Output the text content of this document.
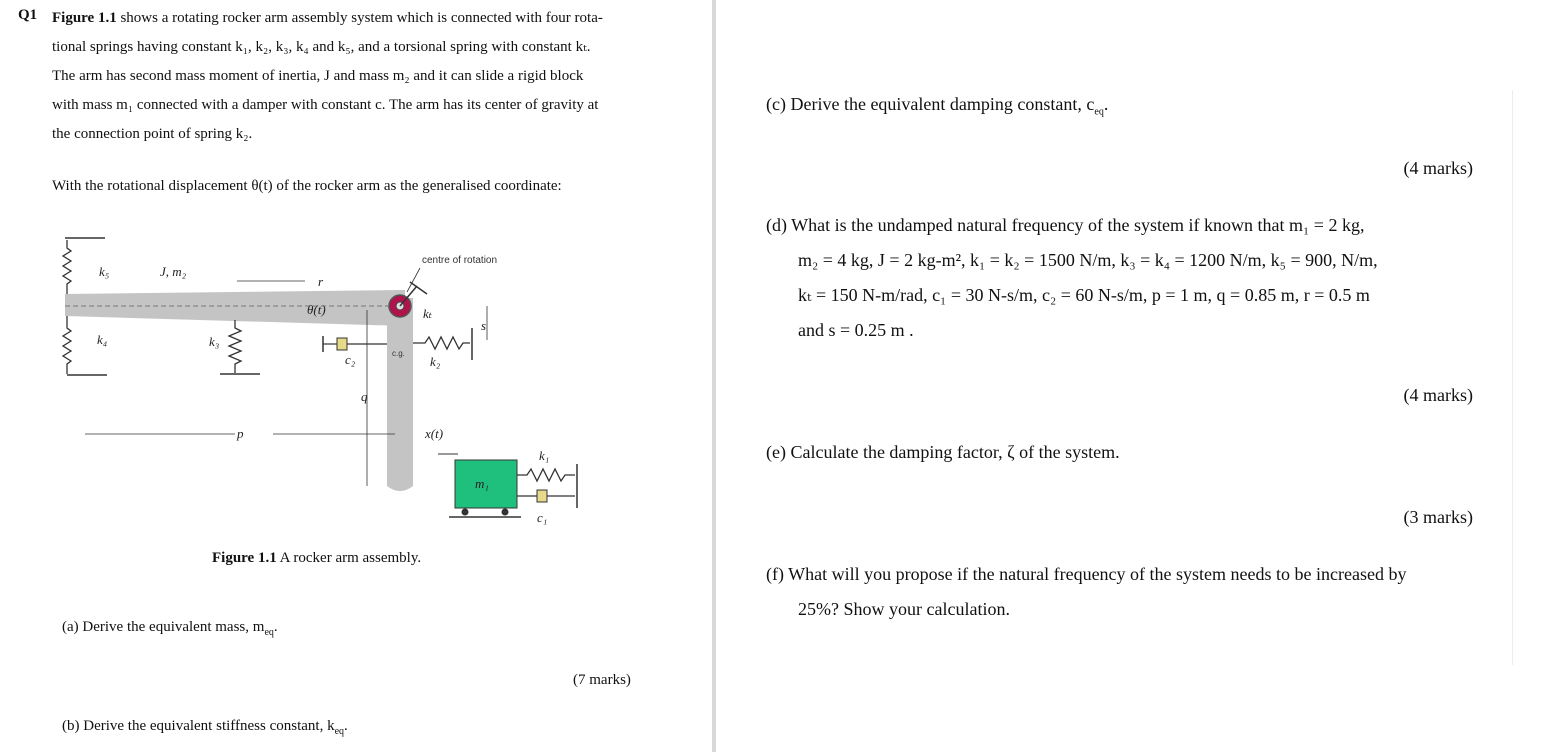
Q1 Figure 1.1 shows a rotating rocker arm assembly system which is connected with four rota-
tional springs having constant k₁, k₂, k₃, k₄ and k₅, and a torsional spring with constant kₜ.
The arm has second mass moment of inertia, J and mass m₂ and it can slide a rigid block
with mass m₁ connected with a damper with constant c. The arm has its center of gravity at
the connection point of spring k₂.
With the rotational displacement θ(t) of the rocker arm as the generalised coordinate:
k₅	J, m₂
r
θ(t)
centre of rotation
kₜ
s
k₄	k₃
c₂	c.g.
k₂
q
p	x(t)
k₁
m₁
c₁
Figure 1.1 A rocker arm assembly.
(a) Derive the equivalent mass, $m_{eq}$.
(7 marks)
(b) Derive the equivalent stiffness constant, $k_{eq}$.
(c) Derive the equivalent damping constant, $c_{eq}$.
(4 marks)
(d) What is the undamped natural frequency of the system if known that m₁ = 2 kg,
m₂ = 4 kg, J = 2 kg-m², k₁ = k₂ = 1500 N/m, k₃ = k₄ = 1200 N/m, k₅ = 900, N/m,
kₜ = 150 N-m/rad, c₁ = 30 N-s/m, c₂ = 60 N-s/m, p = 1 m, q = 0.85 m, r = 0.5 m
and s = 0.25 m .
(4 marks)
(e) Calculate the damping factor, ζ of the system.
(3 marks)
(f) What will you propose if the natural frequency of the system needs to be increased by
25%? Show your calculation.
